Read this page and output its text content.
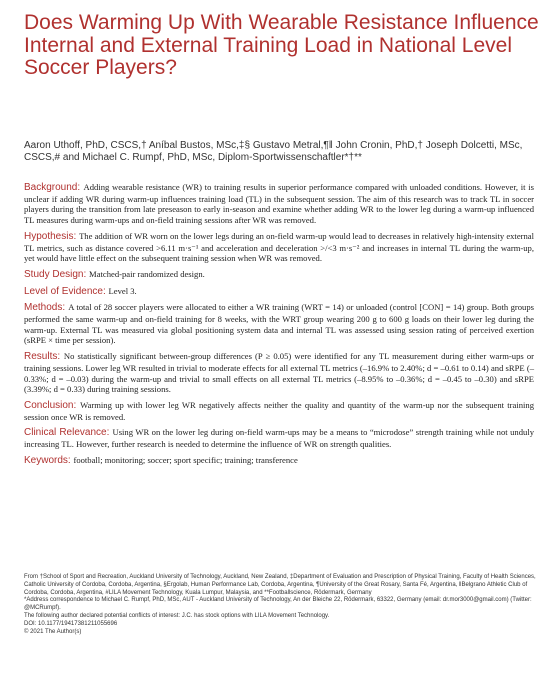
Does Warming Up With Wearable Resistance Influence Internal and External Training Load in National Level Soccer Players?

Aaron Uthoff, PhD, CSCS,† Aníbal Bustos, MSc,‡§ Gustavo Metral,¶‖ John Cronin, PhD,† Joseph Dolcetti, MSc, CSCS,# and Michael C. Rumpf, PhD, MSc, Diplom-Sportwissenschaftler*†**

Background : Adding wearable resistance (WR) to training results in superior performance compared with unloaded conditions. However, it is unclear if adding WR during warm-up influences training load (TL) in the subsequent session. The aim of this research was to track TL in soccer players during the transition from late preseason to early in-season and examine whether adding WR to the lower leg during a warm-up influenced TL measures during warm-ups and on-field training sessions after WR was removed.

Hypothesis : The addition of WR worn on the lower legs during an on-field warm-up would lead to decreases in relatively high-intensity external TL metrics, such as distance covered >6.11 m·s⁻¹ and acceleration and deceleration >/<3 m·s⁻² and increases in internal TL during the warm-up, yet would have little effect on the subsequent training session when WR was removed.

Study Design : Matched-pair randomized design.

Level of Evidence : Level 3.

Methods : A total of 28 soccer players were allocated to either a WR training (WRT = 14) or unloaded (control [CON] = 14) group. Both groups performed the same warm-up and on-field training for 8 weeks, with the WRT group wearing 200 g to 600 g loads on their lower leg during the warm-up. External TL was measured via global positioning system data and internal TL was assessed using session rating of perceived exertion (sRPE × time per session).

Results : No statistically significant between-group differences (P ≥ 0.05) were identified for any TL measurement during either warm-ups or training sessions. Lower leg WR resulted in trivial to moderate effects for all external TL metrics (–16.9% to 2.40%; d = –0.61 to 0.14) and sRPE (–0.33%; d = –0.03) during the warm-up and trivial to small effects on all external TL metrics (–8.95% to –0.36%; d = –0.45 to –0.30) and sRPE (3.39%; d = 0.33) during training sessions.

Conclusion : Warming up with lower leg WR negatively affects neither the quality and quantity of the warm-up nor the subsequent training session once WR is removed.

Clinical Relevance : Using WR on the lower leg during on-field warm-ups may be a means to “microdose” strength training while not unduly increasing TL. However, further research is needed to determine the influence of WR on strength qualities.

Keywords : football; monitoring; soccer; sport specific; training; transference

From †School of Sport and Recreation, Auckland University of Technology, Auckland, New Zealand, ‡Department of Evaluation and Prescription of Physical Training, Faculty of Health Sciences, Catholic University of Cordoba, Cordoba, Argentina, §Ergolab, Human Performance Lab, Cordoba, Argentina, ¶University of the Great Rosary, Santa Fé, Argentina, ‖Belgrano Athletic Club of Cordoba, Cordoba, Argentina, #LILA Movement Technology, Kuala Lumpur, Malaysia, and **Footballscience, Rödermark, Germany
*Address correspondence to Michael C. Rumpf, PhD, MSc, AUT - Auckland University of Technology, An der Bleiche 22, Rödermark, 63322, Germany (email: dr.mor3000@gmail.com) (Twitter: @MCRumpf).
The following author declared potential conflicts of interest: J.C. has stock options with LILA Movement Technology.
DOI: 10.1177/19417381211055696
© 2021 The Author(s)
